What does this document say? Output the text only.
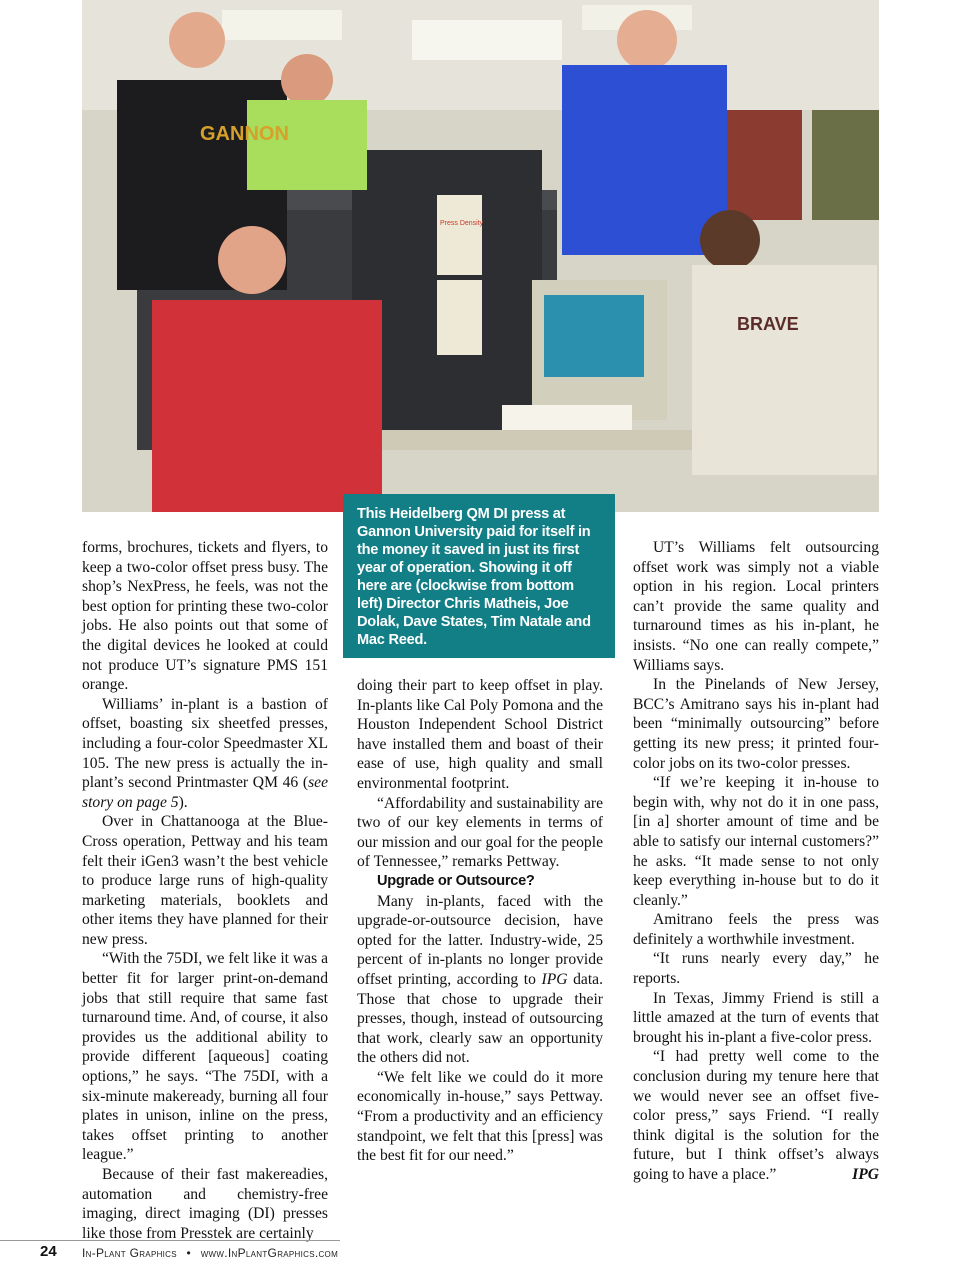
GANNON
BRAVE
Press Density
This Heidelberg QM DI press at Gannon University paid for itself in the money it saved in just its first year of operation. Showing it off here are (clockwise from bottom left) Director Chris Matheis, Joe Dolak, Dave States, Tim Natale and Mac Reed.

forms, brochures, tickets and flyers, to keep a two-color offset press busy. The shop’s NexPress, he feels, was not the best option for printing these two-color jobs. He also points out that some of the digital devices he looked at could not produce UT’s signature PMS 151 orange.

Williams’ in-plant is a bastion of offset, boasting six sheetfed presses, including a four-color Speedmaster XL 105. The new press is actually the in-plant’s second Printmaster QM 46 (see story on page 5).

Over in Chattanooga at the Blue-Cross operation, Pettway and his team felt their iGen3 wasn’t the best vehicle to produce large runs of high-quality marketing materials, booklets and other items they have planned for their new press.

“With the 75DI, we felt like it was a better fit for larger print-on-demand jobs that still require that same fast turnaround time. And, of course, it also provides us the additional ability to provide different [aqueous] coating options,” he says. “The 75DI, with a six-minute makeready, burning all four plates in unison, inline on the press, takes offset printing to another league.”

Because of their fast makereadies, automation and chemistry-free imaging, direct imaging (DI) presses like those from Presstek are certainly

doing their part to keep offset in play. In-plants like Cal Poly Pomona and the Houston Independent School District have installed them and boast of their ease of use, high quality and small environmental footprint.

“Affordability and sustainability are two of our key elements in terms of our mission and our goal for the people of Tennessee,” remarks Pettway.

Upgrade or Outsource?

Many in-plants, faced with the upgrade-or-outsource decision, have opted for the latter. Industry-wide, 25 percent of in-plants no longer provide offset printing, according to IPG data. Those that chose to upgrade their presses, though, instead of outsourcing that work, clearly saw an opportunity the others did not.

“We felt like we could do it more economically in-house,” says Pettway. “From a productivity and an efficiency standpoint, we felt that this [press] was the best fit for our need.”

UT’s Williams felt outsourcing offset work was simply not a viable option in his region. Local printers can’t provide the same quality and turnaround times as his in-plant, he insists. “No one can really compete,” Williams says.

In the Pinelands of New Jersey, BCC’s Amitrano says his in-plant had been “minimally outsourcing” before getting its new press; it printed four-color jobs on its two-color presses.

“If we’re keeping it in-house to begin with, why not do it in one pass, [in a] shorter amount of time and be able to satisfy our internal customers?” he asks. “It made sense to not only keep everything in-house but to do it cleanly.”

Amitrano feels the press was definitely a worthwhile investment.

“It runs nearly every day,” he reports.

In Texas, Jimmy Friend is still a little amazed at the turn of events that brought his in-plant a five-color press.

“I had pretty well come to the conclusion during my tenure here that we would never see an offset five-color press,” says Friend. “I really think digital is the solution for the future, but I think offset’s always going to have a place.”	IPG

24 In-Plant Graphics • www.InPlantGraphics.com
